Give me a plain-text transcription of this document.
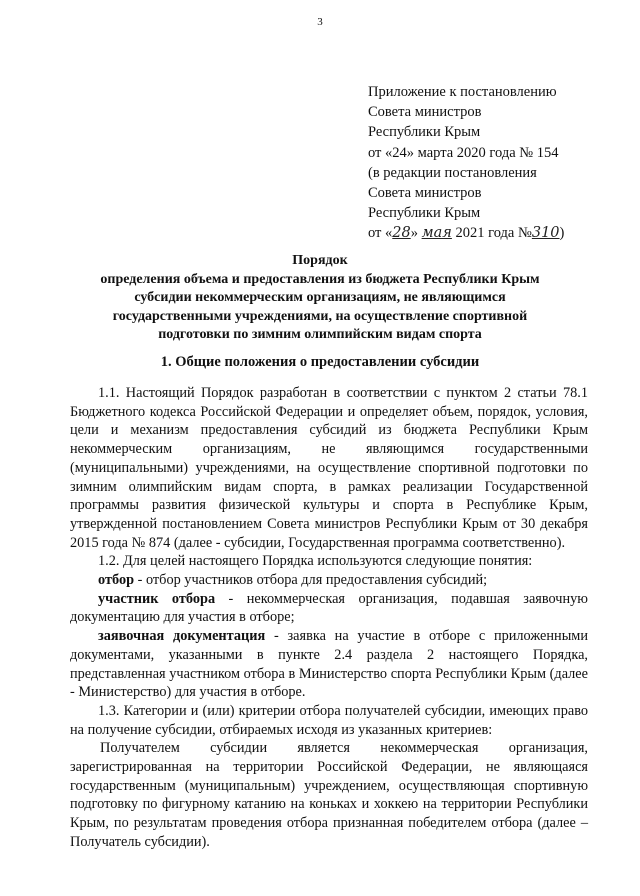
3
Приложение к постановлению
Совета министров
Республики Крым
от «24» марта 2020 года № 154
(в редакции постановления
Совета министров
Республики Крым
от «28» мая 2021 года №310)
Порядок
определения объема и предоставления из бюджета Республики Крым
субсидии некоммерческим организациям, не являющимся
государственными учреждениями, на осуществление спортивной
подготовки по зимним олимпийским видам спорта
1. Общие положения о предоставлении субсидии

1.1. Настоящий Порядок разработан в соответствии с пунктом 2 статьи 78.1 Бюджетного кодекса Российской Федерации и определяет объем, порядок, условия, цели и механизм предоставления субсидий из бюджета Республики Крым некоммерческим организациям, не являющимся государственными (муниципальными) учреждениями, на осуществление спортивной подготовки по зимним олимпийским видам спорта, в рамках реализации Государственной программы развития физической культуры и спорта в Республике Крым, утвержденной постановлением Совета министров Республики Крым от 30 декабря 2015 года № 874 (далее - субсидии, Государственная программа соответственно).

1.2. Для целей настоящего Порядка используются следующие понятия:

отбор - отбор участников отбора для предоставления субсидий;

участник отбора - некоммерческая организация, подавшая заявочную документацию для участия в отборе;

заявочная документация - заявка на участие в отборе с приложенными документами, указанными в пункте 2.4 раздела 2 настоящего Порядка, представленная участником отбора в Министерство спорта Республики Крым (далее - Министерство) для участия в отборе.

1.3. Категории и (или) критерии отбора получателей субсидии, имеющих право на получение субсидии, отбираемых исходя из указанных критериев:

Получателем субсидии является некоммерческая организация, зарегистрированная на территории Российской Федерации, не являющаяся государственным (муниципальным) учреждением, осуществляющая спортивную подготовку по фигурному катанию на коньках и хоккею на территории Республики Крым, по результатам проведения отбора признанная победителем отбора (далее – Получатель субсидии).
